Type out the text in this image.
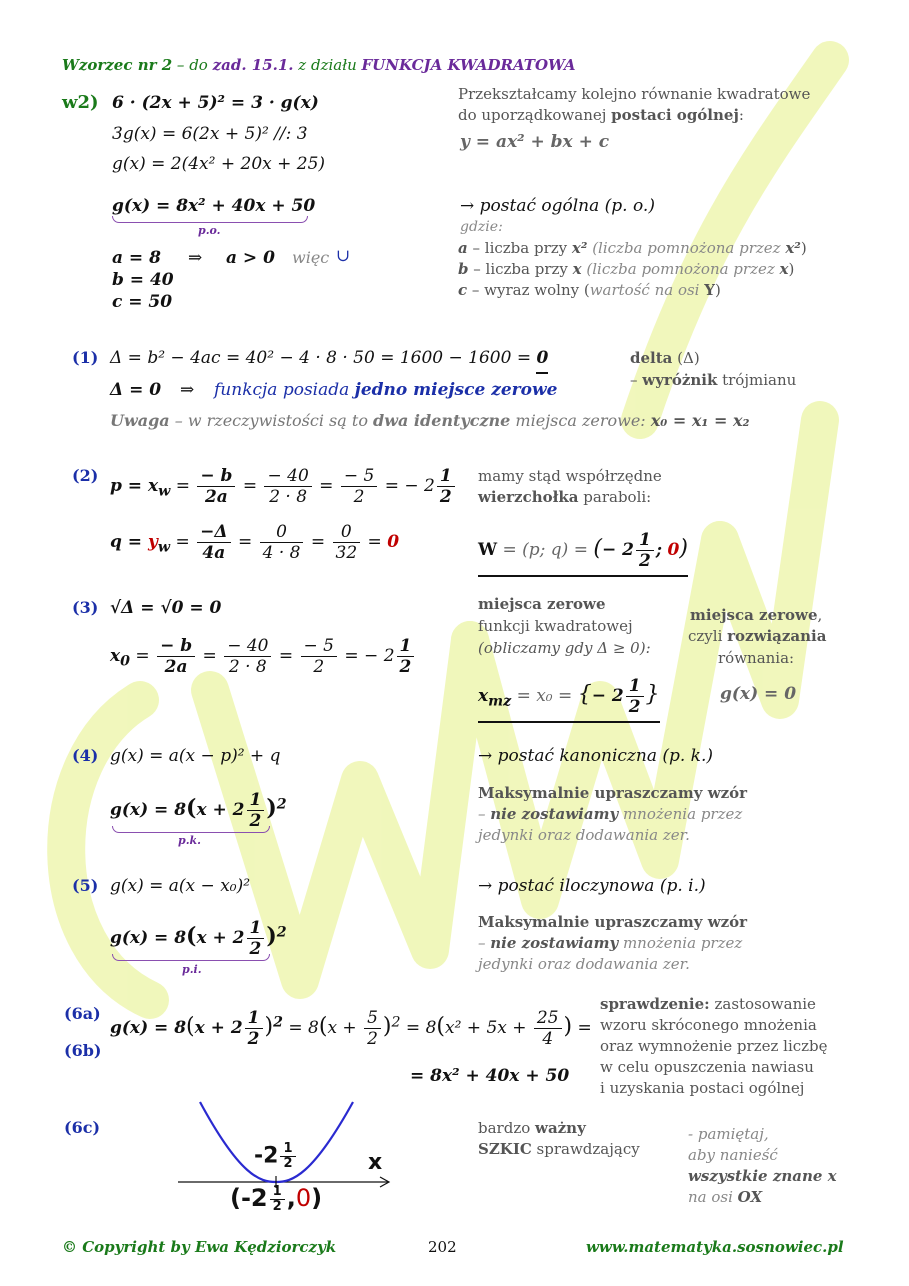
Wzorzec nr 2 – do zad. 15.1. z działu FUNKCJA KWADRATOWA
w2) 6 · (2x + 5)² = 3 · g(x)
3g(x) = 6(2x + 5)² //: 3
g(x) = 2(4x² + 20x + 25)
g(x) = 8x² + 40x + 50
p.o.
a = 8 ⇒ a > 0 więc ∪
b = 40
c = 50
Przekształcamy kolejno równanie kwadratowe
do uporządkowanej postaci ogólnej:
y = ax² + bx + c
→ postać ogólna (p. o.)
gdzie:
a – liczba przy x² (liczba pomnożona przez x²)
b – liczba przy x (liczba pomnożona przez x)
c – wyraz wolny (wartość na osi Y)
(1) Δ = b² − 4ac = 40² − 4 · 8 · 50 = 1600 − 1600 = 0
Δ = 0 ⇒ funkcja posiada jedno miejsce zerowe
Uwaga – w rzeczywistości są to dwa identyczne miejsca zerowe: x₀ = x₁ = x₂
delta (Δ)
– wyróżnik trójmianu
(2)
$p = x_w = \frac{- b}{2a} = \frac{- 40}{2 \cdot 8} = \frac{- 5}{2}$ = − $2 \frac{1}{2}$
$q = y_w = \frac{-\Delta}{4a} = \frac{0}{4 \cdot 8} = \frac{0}{32} = 0$
mamy stąd współrzędne
wierzchołka paraboli:
W = (p; q) = (− $2 \frac{1}{2}$ ; 0)
(3) √Δ = √0 = 0
$x_0 = \frac{- b}{2a} = \frac{- 40}{2 \cdot 8} = \frac{- 5}{2}$ = − $2 \frac{1}{2}$
miejsca zerowe
funkcji kwadratowej
(obliczamy gdy Δ ≥ 0):
$x_{mz} = x_0$ = {− $2 \frac{1}{2}$ }
miejsca zerowe,
czyli rozwiązania
równania:
g(x) = 0
(4) g(x) = a(x − p)² + q
$g(x) = 8(x + 2 \frac{1}{2} )^2$
p.k.
→ postać kanoniczna (p. k.)
Maksymalnie upraszczamy wzór
– nie zostawiamy mnożenia przez
jedynki oraz dodawania zer.
(5) g(x) = a(x − x₀)²
$g(x) = 8(x + 2 \frac{1}{2} )^2$
p.i.
→ postać iloczynowa (p. i.)
Maksymalnie upraszczamy wzór
– nie zostawiamy mnożenia przez
jedynki oraz dodawania zer.
(6a)
(6b)
$g(x) = 8(x + 2 \frac{1}{2} )^2 = 8(x + \frac{5}{2} )^2 = 8(x^2 + 5x + \frac{25}{4}$ ) =
= 8x² + 40x + 50
sprawdzenie: zastosowanie
wzoru skróconego mnożenia
oraz wymnożenie przez liczbę
w celu opuszczenia nawiasu
i uzyskania postaci ogólnej
(6c)
x
$-2 \frac{1}{2}$
$(-2 \frac{1}{2} ,0)$
bardzo ważny
SZKIC sprawdzający
- pamiętaj,
aby nanieść
wszystkie znane x
na osi OX
© Copyright by Ewa Kędziorczyk	202	www.matematyka.sosnowiec.pl
